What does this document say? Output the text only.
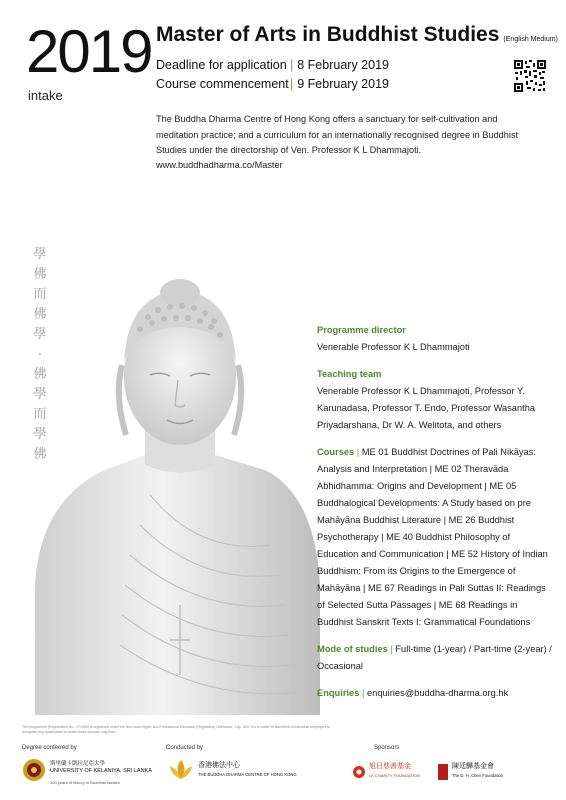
2019
intake
Master of Arts in Buddhist Studies (English Medium)
Deadline for application | 8 February 2019
Course commencement| 9 February 2019
The Buddha Dharma Centre of Hong Kong offers a sanctuary for self-cultivation and meditation practice; and a curriculum for an internationally recognised degree in Buddhist Studies under the directorship of Ven. Professor K L Dhammajoti.
www.buddhadharma.co/Master
學
佛
而
佛
學
·
佛
學
而
學
佛
Programme director
Venerable Professor K L Dhammajoti
Teaching team
Venerable Professor K L Dhammajoti, Professor Y. Karunadasa, Professor T. Endo, Professor Wasantha Priyadarshana, Dr W. A. Welitota, and others
Courses | ME 01 Buddhist Doctrines of Pali Nikāyas: Analysis and Interpretation | ME 02 Theravāda Abhidhamma: Origins and Development | ME 05 Buddhalogical Developments: A Study based on pre Mahāyāna Buddhist Literature | ME 26 Buddhist Psychotherapy | ME 40 Buddhist Philosophy of Education and Communication | ME 52 History of Indian Buddhism: From its Origins to the Emergence of Mahāyāna | ME 67 Readings in Pali Suttas II: Readings of Selected Sutta Passages | ME 68 Readings in Buddhist Sanskrit Texts I: Grammatical Foundations
Mode of studies | Full-time (1-year) / Part-time (2-year) / Occasional
Enquiries | enquiries@buddha-dharma.org.hk
The programme (Registration No.: 271050) is registered under the Non-local Higher and Professional Education (Regulation) Ordinance, Cap. 493. It is a matter of discretion of individual employers to recognise any qualification to which these courses may lead.
Degree conferred by
斯里蘭卡凱拉尼亞大學
UNIVERSITY OF KELANIYA, SRI LANKA
100 years of history in Buddhist studies
Conducted by
香港佛法中心
THE BUDDHA DHARMA CENTRE OF HONG KONG
Sponsors
旭日慈善基金
LK CHARITY FOUNDATION
陳廷驊基金會
The D. H. Chen Foundation
